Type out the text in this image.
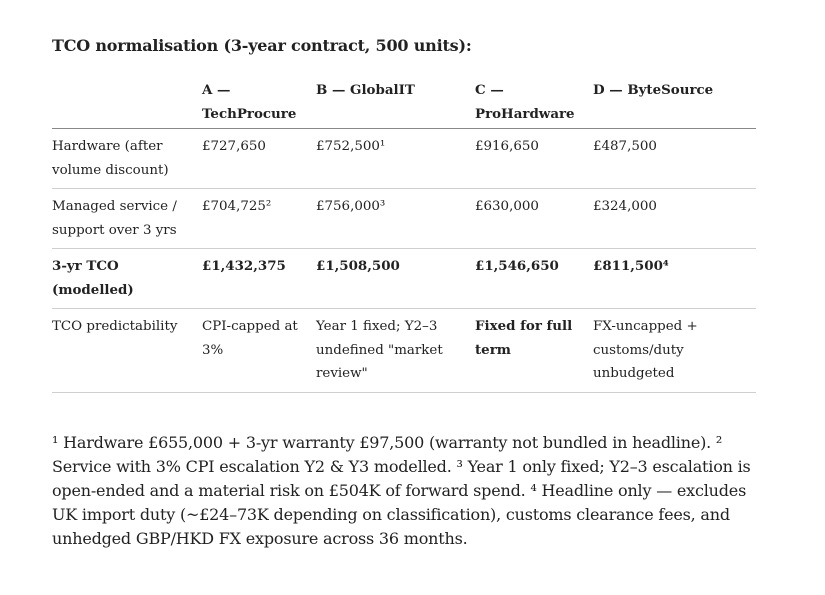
TCO normalisation (3-year contract, 500 units):
	A — TechProcure	B — GlobalIT	C — ProHardware	D — ByteSource
Hardware (after volume discount)	£727,650	£752,500¹	£916,650	£487,500
Managed service / support over 3 yrs	£704,725²	£756,000³	£630,000	£324,000
3-yr TCO (modelled)	£1,432,375	£1,508,500	£1,546,650	£811,500⁴
TCO predictability	CPI-capped at 3%	Year 1 fixed; Y2–3 undefined "market review"	Fixed for full term	FX-uncapped + customs/duty unbudgeted
¹ Hardware £655,000 + 3-yr warranty £97,500 (warranty not bundled in headline). ² Service with 3% CPI escalation Y2 & Y3 modelled. ³ Year 1 only fixed; Y2–3 escalation is open-ended and a material risk on £504K of forward spend. ⁴ Headline only — excludes UK import duty (~£24–73K depending on classification), customs clearance fees, and unhedged GBP/HKD FX exposure across 36 months.
